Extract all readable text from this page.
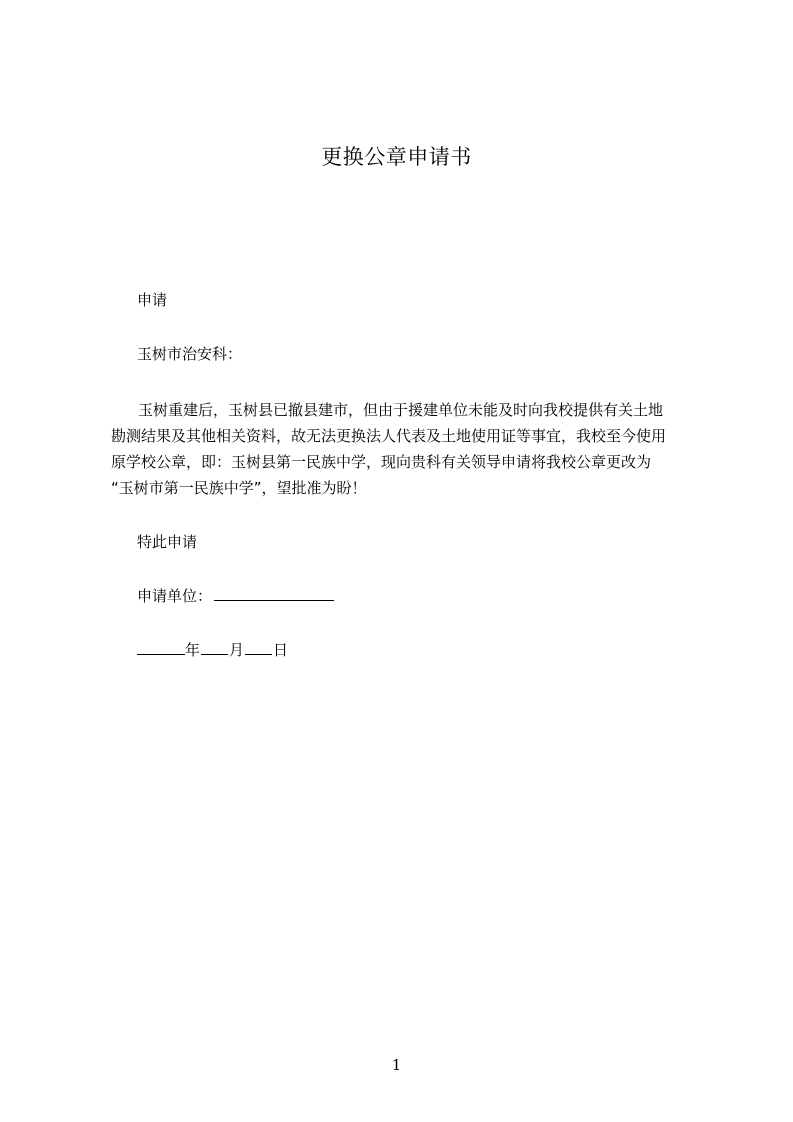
更换公章申请书
申请
玉树市治安科：
玉树重建后，玉树县已撤县建市，但由于援建单位未能及时向我校提供有关土地
勘测结果及其他相关资料，故无法更换法人代表及土地使用证等事宜，我校至今使用
原学校公章，即：玉树县第一民族中学，现向贵科有关领导申请将我校公章更改为
“玉树市第一民族中学”，望批准为盼！
特此申请
申请单位：
年 月 日
1
